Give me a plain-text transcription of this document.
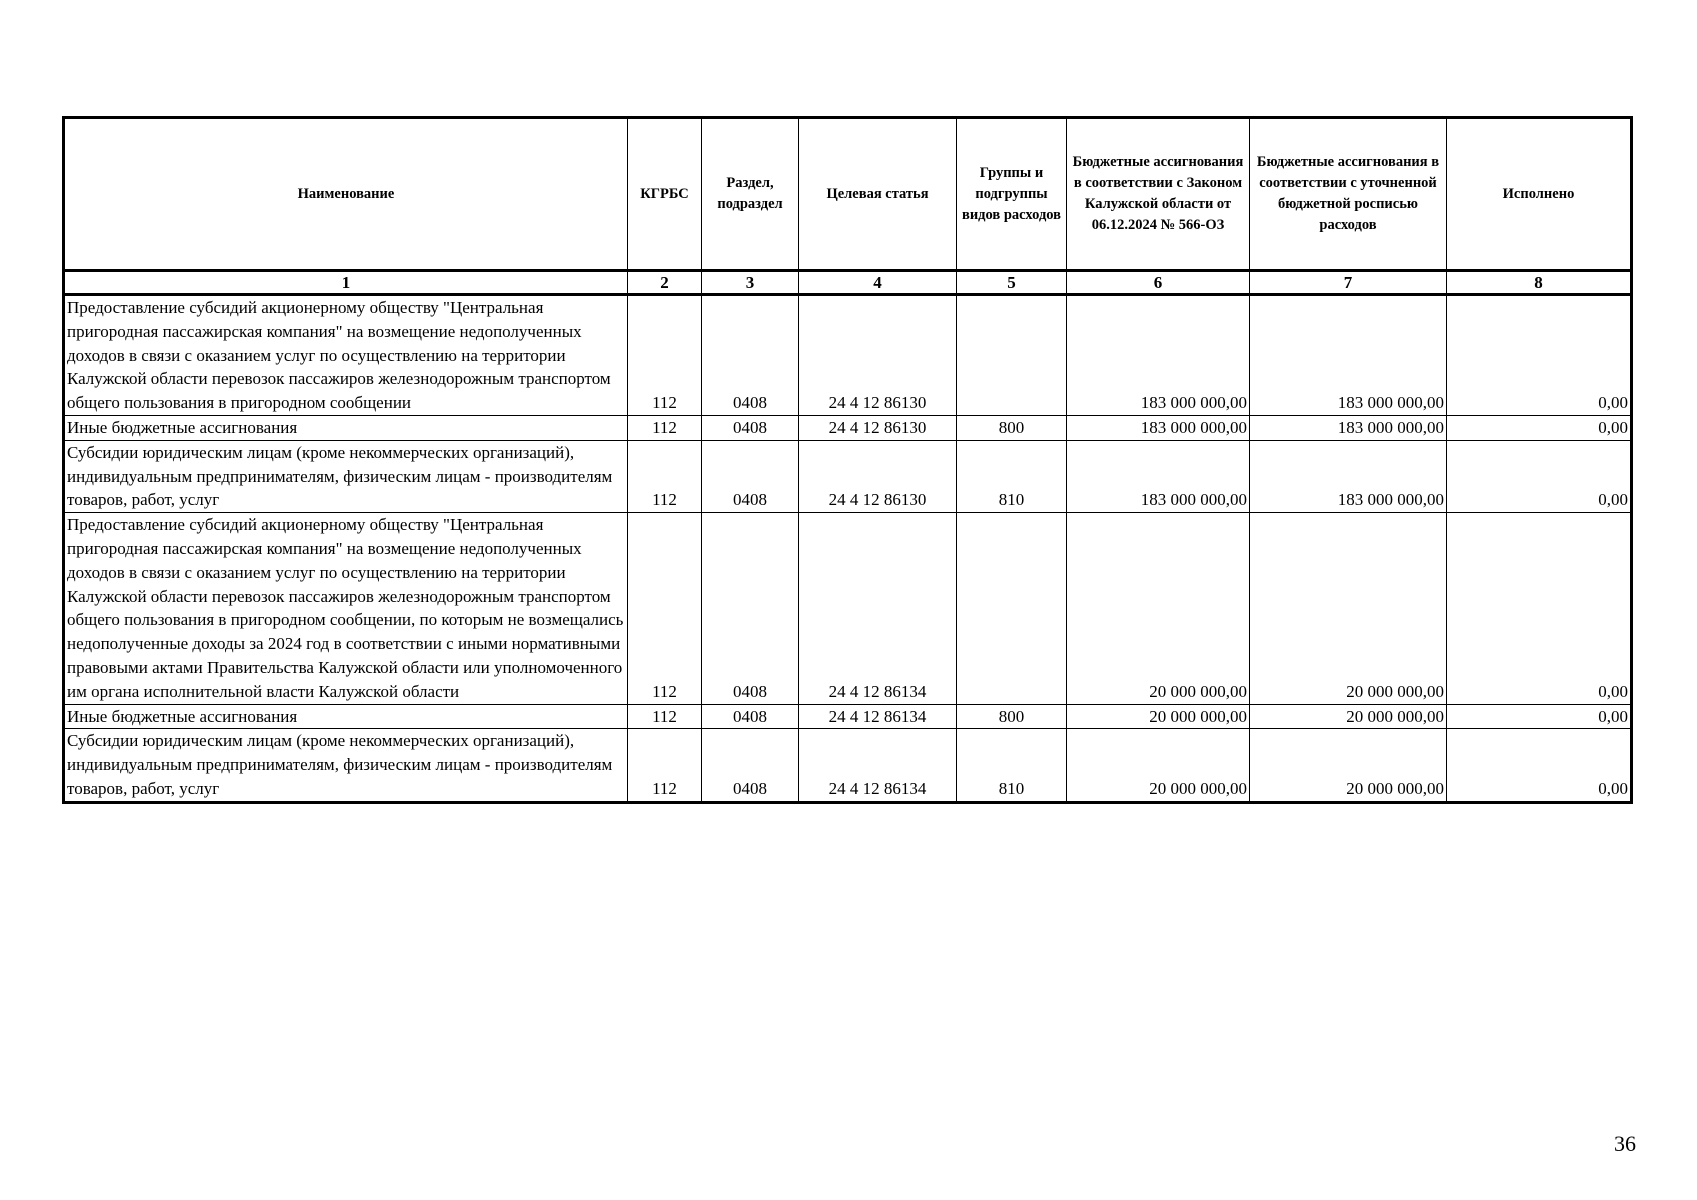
Наименование	КГРБС	Раздел, подраздел	Целевая статья	Группы и подгруппы видов расходов	Бюджетные ассигнования в соответствии с Законом Калужской области от 06.12.2024 № 566-ОЗ	Бюджетные ассигнования в соответствии с уточненной бюджетной росписью расходов	Исполнено
1	2	3	4	5	6	7	8
Предоставление субсидий акционерному обществу "Центральная пригородная пассажирская компания" на возмещение недополученных доходов в связи с оказанием услуг по осуществлению на территории Калужской области перевозок пассажиров железнодорожным транспортом общего пользования в пригородном сообщении	112	0408	24 4 12 86130		183 000 000,00	183 000 000,00	0,00
Иные бюджетные ассигнования	112	0408	24 4 12 86130	800	183 000 000,00	183 000 000,00	0,00
Субсидии юридическим лицам (кроме некоммерческих организаций), индивидуальным предпринимателям, физическим лицам - производителям товаров, работ, услуг	112	0408	24 4 12 86130	810	183 000 000,00	183 000 000,00	0,00
Предоставление субсидий акционерному обществу "Центральная пригородная пассажирская компания" на возмещение недополученных доходов в связи с оказанием услуг по осуществлению на территории Калужской области перевозок пассажиров железнодорожным транспортом общего пользования в пригородном сообщении, по которым не возмещались недополученные доходы за 2024 год в соответствии с иными нормативными правовыми актами Правительства Калужской области или уполномоченного им органа исполнительной власти Калужской области	112	0408	24 4 12 86134		20 000 000,00	20 000 000,00	0,00
Иные бюджетные ассигнования	112	0408	24 4 12 86134	800	20 000 000,00	20 000 000,00	0,00
Субсидии юридическим лицам (кроме некоммерческих организаций), индивидуальным предпринимателям, физическим лицам - производителям товаров, работ, услуг	112	0408	24 4 12 86134	810	20 000 000,00	20 000 000,00	0,00
36
